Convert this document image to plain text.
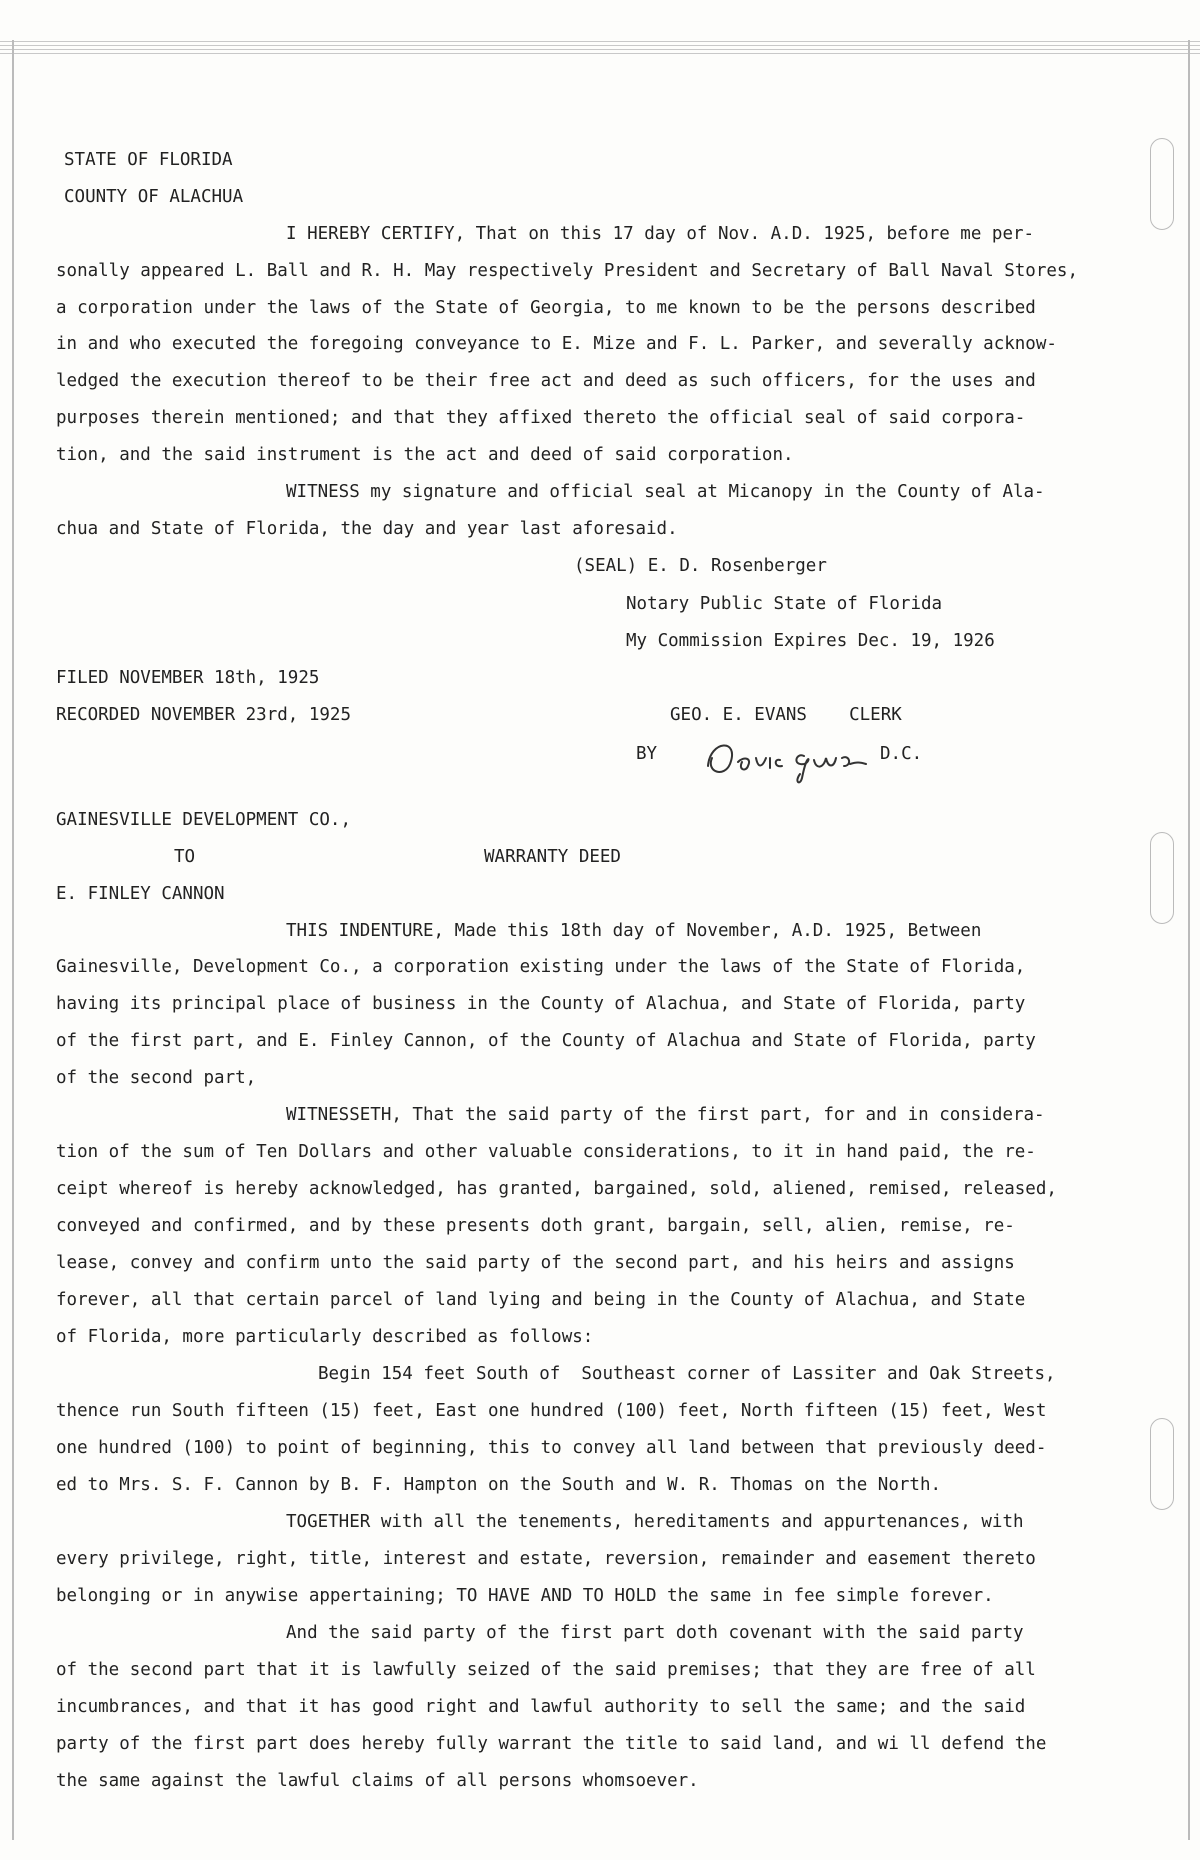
STATE OF FLORIDA
COUNTY OF ALACHUA
I HEREBY CERTIFY, That on this 17 day of Nov. A.D. 1925, before me per-
sonally appeared L. Ball and R. H. May respectively President and Secretary of Ball Naval Stores,
a corporation under the laws of the State of Georgia, to me known to be the persons described
in and who executed the foregoing conveyance to E. Mize and F. L. Parker, and severally acknow-
ledged the execution thereof to be their free act and deed as such officers, for the uses and
purposes therein mentioned; and that they affixed thereto the official seal of said corpora-
tion, and the said instrument is the act and deed of said corporation.
WITNESS my signature and official seal at Micanopy in the County of Ala-
chua and State of Florida, the day and year last aforesaid.
(SEAL) E. D. Rosenberger
Notary Public State of Florida
My Commission Expires Dec. 19, 1926
FILED NOVEMBER 18th, 1925
RECORDED NOVEMBER 23rd, 1925	GEO. E. EVANS    CLERK
BY	D.C.
GAINESVILLE DEVELOPMENT CO.,
TO	WARRANTY DEED
E. FINLEY CANNON
THIS INDENTURE, Made this 18th day of November, A.D. 1925, Between
Gainesville, Development Co., a corporation existing under the laws of the State of Florida,
having its principal place of business in the County of Alachua, and State of Florida, party
of the first part, and E. Finley Cannon, of the County of Alachua and State of Florida, party
of the second part,
WITNESSETH, That the said party of the first part, for and in considera-
tion of the sum of Ten Dollars and other valuable considerations, to it in hand paid, the re-
ceipt whereof is hereby acknowledged, has granted, bargained, sold, aliened, remised, released,
conveyed and confirmed, and by these presents doth grant, bargain, sell, alien, remise, re-
lease, convey and confirm unto the said party of the second part, and his heirs and assigns
forever, all that certain parcel of land lying and being in the County of Alachua, and State
of Florida, more particularly described as follows:
Begin 154 feet South of  Southeast corner of Lassiter and Oak Streets,
thence run South fifteen (15) feet, East one hundred (100) feet, North fifteen (15) feet, West
one hundred (100) to point of beginning, this to convey all land between that previously deed-
ed to Mrs. S. F. Cannon by B. F. Hampton on the South and W. R. Thomas on the North.
TOGETHER with all the tenements, hereditaments and appurtenances, with
every privilege, right, title, interest and estate, reversion, remainder and easement thereto
belonging or in anywise appertaining; TO HAVE AND TO HOLD the same in fee simple forever.
And the said party of the first part doth covenant with the said party
of the second part that it is lawfully seized of the said premises; that they are free of all
incumbrances, and that it has good right and lawful authority to sell the same; and the said
party of the first part does hereby fully warrant the title to said land, and wi ll defend the
the same against the lawful claims of all persons whomsoever.
